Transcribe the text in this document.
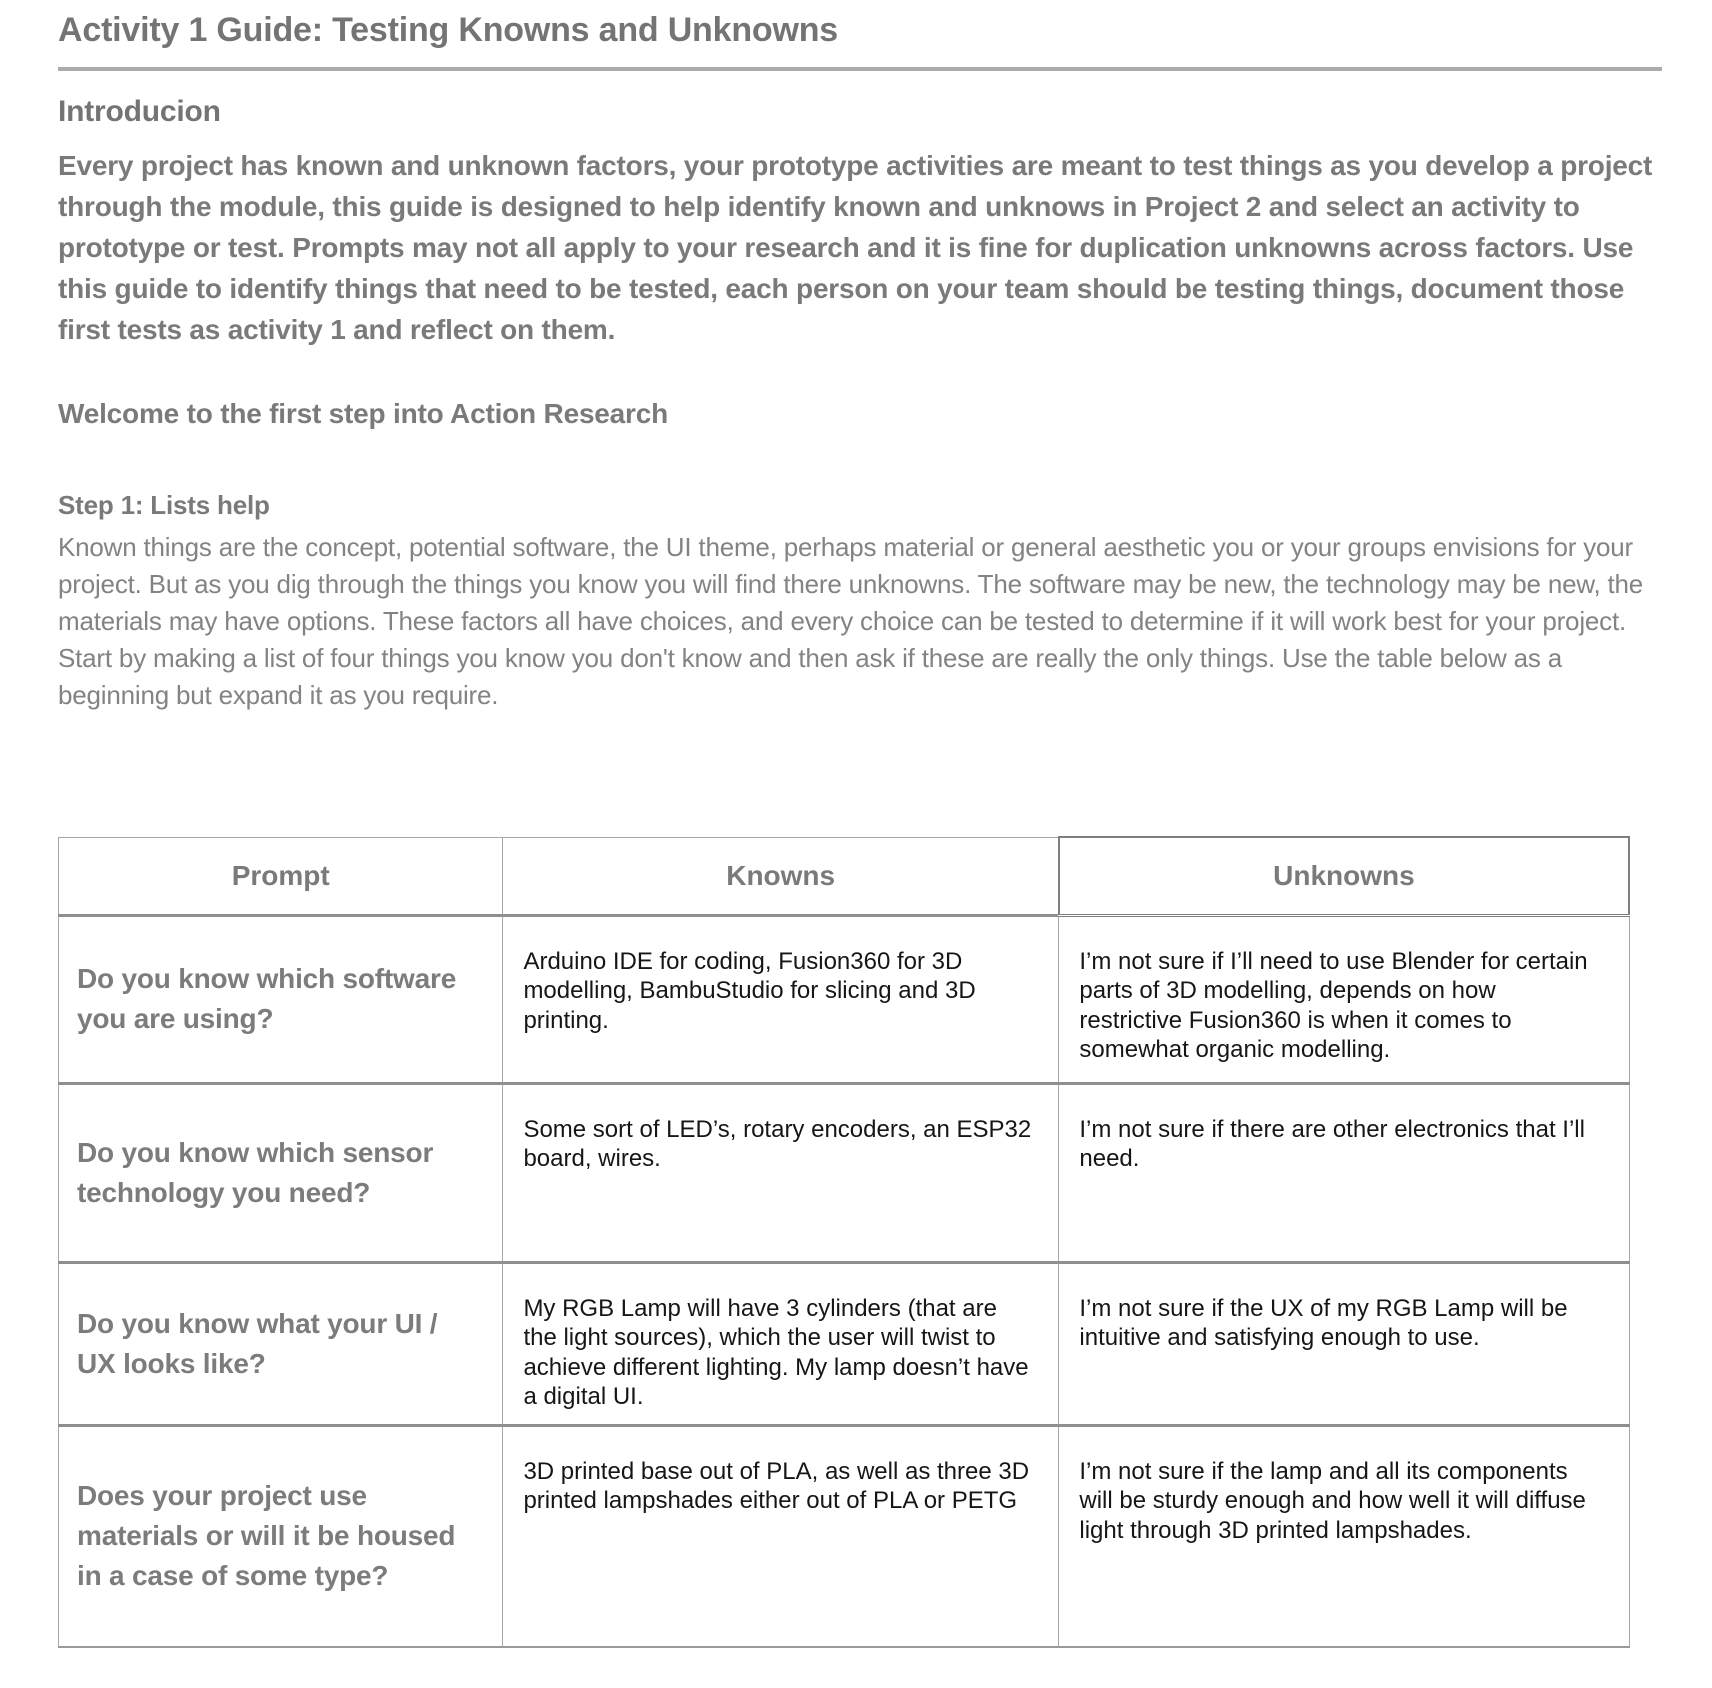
Activity 1 Guide: Testing Knowns and Unknowns
Introducion

Every project has known and unknown factors, your prototype activities are meant to test things as you develop a project through the module, this guide is designed to help identify known and unknows in Project 2 and select an activity to prototype or test. Prompts may not all apply to your research and it is fine for duplication unknowns across factors. Use this guide to identify things that need to be tested, each person on your team should be testing things, document those first tests as activity 1 and reflect on them.

Welcome to the first step into Action Research
Step 1: Lists help

Known things are the concept, potential software, the UI theme, perhaps material or general aesthetic you or your groups envisions for your project. But as you dig through the things you know you will find there unknowns. The software may be new, the technology may be new, the materials may have options. These factors all have choices, and every choice can be tested to determine if it will work best for your project. Start by making a list of four things you know you don't know and then ask if these are really the only things. Use the table below as a beginning but expand it as you require.

Prompt	Knowns	Unknowns
Do you know which software you are using?	Arduino IDE for coding, Fusion360 for 3D modelling, BambuStudio for slicing and 3D printing.	I’m not sure if I’ll need to use Blender for certain parts of 3D modelling, depends on how restrictive Fusion360 is when it comes to somewhat organic modelling.
Do you know which sensor technology you need?	Some sort of LED’s, rotary encoders, an ESP32 board, wires.	I’m not sure if there are other electronics that I’ll need.
Do you know what your UI / UX looks like?	My RGB Lamp will have 3 cylinders (that are the light sources), which the user will twist to achieve different lighting. My lamp doesn’t have a digital UI.	I’m not sure if the UX of my RGB Lamp will be intuitive and satisfying enough to use.
Does your project use materials or will it be housed in a case of some type?	3D printed base out of PLA, as well as three 3D printed lampshades either out of PLA or PETG	I’m not sure if the lamp and all its components will be sturdy enough and how well it will diffuse light through 3D printed lampshades.
